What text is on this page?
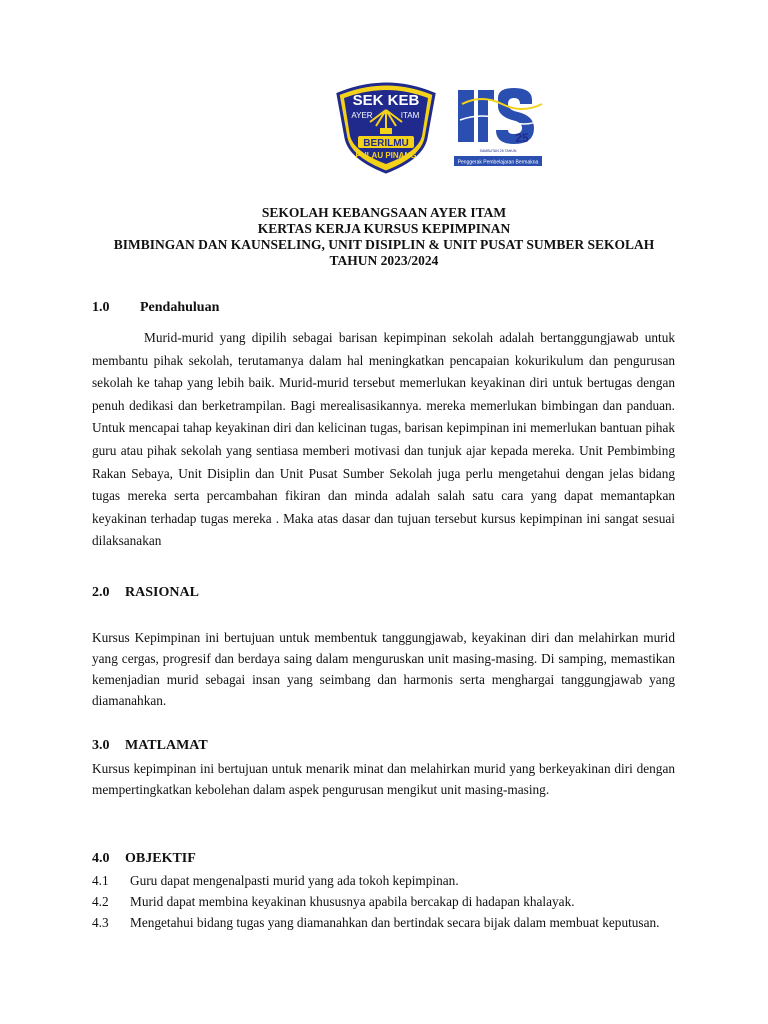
SEK KEB
AYER	ITAM
BERILMU
PULAU PINANG
25
SAMBUTAN 25 TAHUN
Penggerak Pembelajaran Bermakna
SEKOLAH KEBANGSAAN AYER ITAM
KERTAS KERJA KURSUS KEPIMPINAN
BIMBINGAN DAN KAUNSELING, UNIT DISIPLIN & UNIT PUSAT SUMBER SEKOLAH
TAHUN 2023/2024
1.0 Pendahuluan

Murid-murid yang dipilih sebagai barisan kepimpinan sekolah adalah bertanggungjawab untuk membantu pihak sekolah, terutamanya dalam hal meningkatkan pencapaian kokurikulum dan pengurusan sekolah ke tahap yang lebih baik. Murid-murid tersebut memerlukan keyakinan diri untuk bertugas dengan penuh dedikasi dan berketrampilan. Bagi merealisasikannya. mereka memerlukan bimbingan dan panduan. Untuk mencapai tahap keyakinan diri dan kelicinan tugas, barisan kepimpinan ini memerlukan bantuan pihak guru atau pihak sekolah yang sentiasa memberi motivasi dan tunjuk ajar kepada mereka. Unit Pembimbing Rakan Sebaya, Unit Disiplin dan Unit Pusat Sumber Sekolah juga perlu mengetahui dengan jelas bidang tugas mereka serta percambahan fikiran dan minda adalah salah satu cara yang dapat memantapkan keyakinan terhadap tugas mereka . Maka atas dasar dan tujuan tersebut kursus kepimpinan ini sangat sesuai dilaksanakan

2.0 RASIONAL

Kursus Kepimpinan ini bertujuan untuk membentuk tanggungjawab, keyakinan diri dan melahirkan murid yang cergas, progresif dan berdaya saing dalam menguruskan unit masing-masing. Di samping, memastikan kemenjadian murid sebagai insan yang seimbang dan harmonis serta menghargai tanggungjawab yang diamanahkan.

3.0 MATLAMAT

Kursus kepimpinan ini bertujuan untuk menarik minat dan melahirkan murid yang berkeyakinan diri dengan mempertingkatkan kebolehan dalam aspek pengurusan mengikut unit masing-masing.

4.0 OBJEKTIF
4.1	Guru dapat mengenalpasti murid yang ada tokoh kepimpinan.
4.2	Murid dapat membina keyakinan khususnya apabila bercakap di hadapan khalayak.
4.3	Mengetahui bidang tugas yang diamanahkan dan bertindak secara bijak dalam membuat keputusan.
